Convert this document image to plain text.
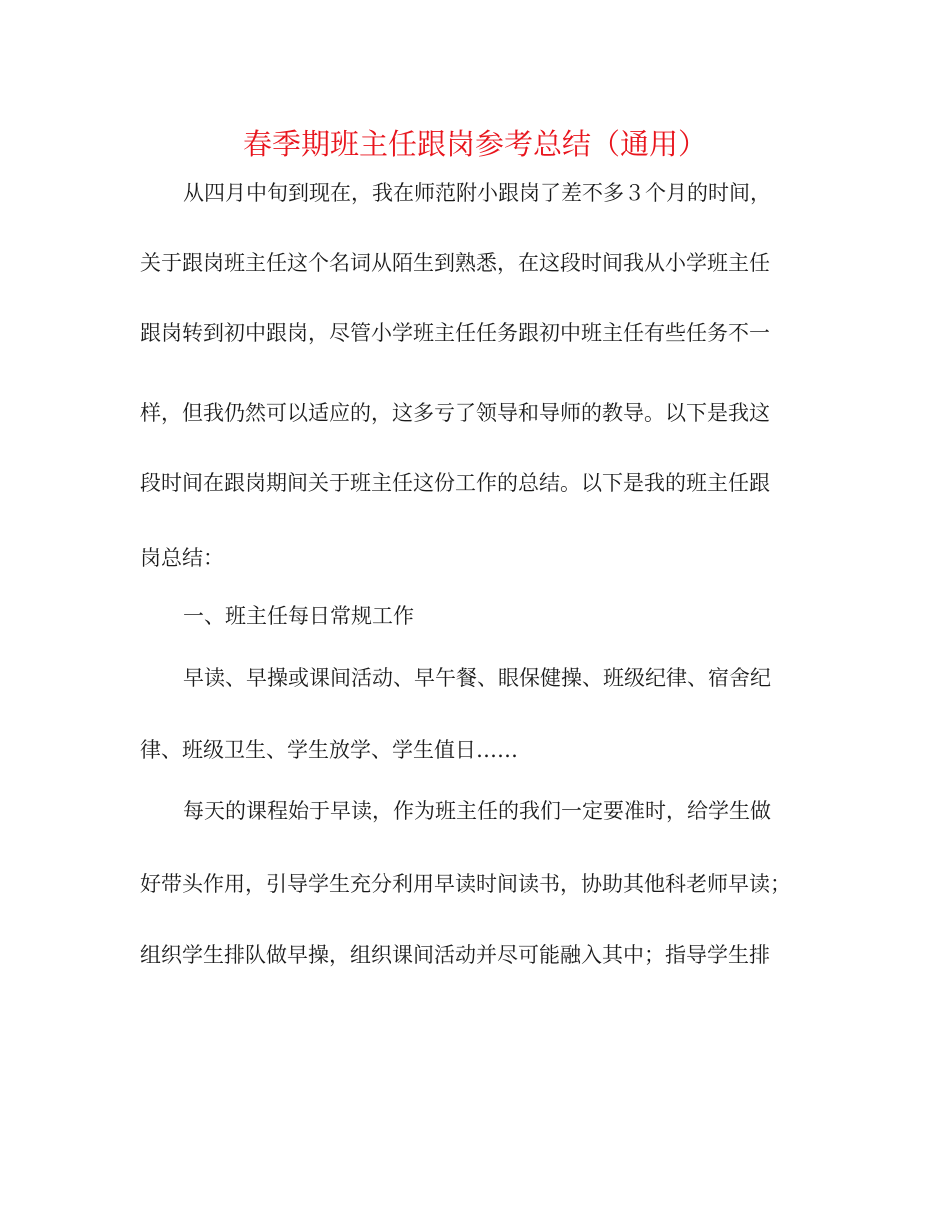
春季期班主任跟岗参考总结（通用）
从四月中旬到现在，我在师范附小跟岗了差不多３个月的时间，
关于跟岗班主任这个名词从陌生到熟悉，在这段时间我从小学班主任
跟岗转到初中跟岗，尽管小学班主任任务跟初中班主任有些任务不一
样，但我仍然可以适应的，这多亏了领导和导师的教导。以下是我这
段时间在跟岗期间关于班主任这份工作的总结。以下是我的班主任跟
岗总结：
一、班主任每日常规工作
早读、早操或课间活动、早午餐、眼保健操、班级纪律、宿舍纪
律、班级卫生、学生放学、学生值日……
每天的课程始于早读，作为班主任的我们一定要准时，给学生做
好带头作用，引导学生充分利用早读时间读书，协助其他科老师早读；
组织学生排队做早操，组织课间活动并尽可能融入其中；指导学生排
